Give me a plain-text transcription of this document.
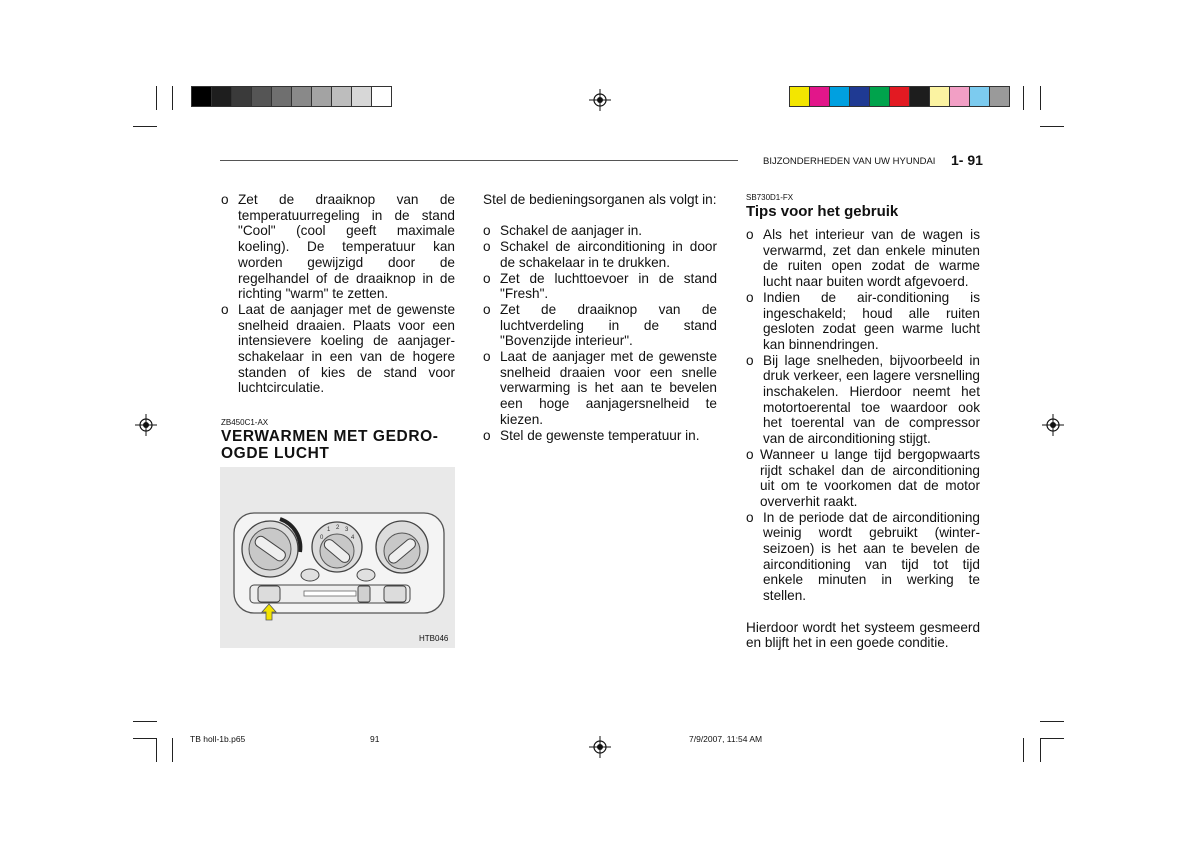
BIJZONDERHEDEN VAN UW HYUNDAI 1- 91
o Zet de draaiknop van de temperatuurregeling in de stand "Cool" (cool geeft maximale koeling). De temperatuur kan worden gewijzigd door de regelhandel of de draaiknop in de richting "warm" te zetten.
o Laat de aanjager met de gewenste snelheid draaien. Plaats voor een intensievere koeling de aanjager-schakelaar in een van de hogere standen of kies de stand voor luchtcirculatie.
ZB450C1-AX
VERWARMEN MET GEDRO-
OGDE LUCHT
0
1 2 3
4
HTB046
Stel de bedieningsorganen als volgt in:
o Schakel de aanjager in.
o Schakel de airconditioning in door de schakelaar in te drukken.
o Zet de luchttoevoer in de stand "Fresh".
o Zet de draaiknop van de luchtverdeling in de stand "Bovenzijde interieur".
o Laat de aanjager met de gewenste snelheid draaien voor een snelle verwarming is het aan te bevelen een hoge aanjagersnelheid te kiezen.
o Stel de gewenste temperatuur in.
SB730D1-FX
Tips voor het gebruik
o Als het interieur van de wagen is verwarmd, zet dan enkele minuten de ruiten open zodat de warme lucht naar buiten wordt afgevoerd.
o Indien de air-conditioning is ingeschakeld; houd alle ruiten gesloten zodat geen warme lucht kan binnendringen.
o Bij lage snelheden, bijvoorbeeld in druk verkeer, een lagere versnelling inschakelen. Hierdoor neemt het motortoerental toe waardoor ook het toerental van de compressor van de airconditioning stijgt.
o Wanneer u lange tijd bergopwaarts rijdt schakel dan de airconditioning uit om te voorkomen dat de motor oververhit raakt.
o In de periode dat de airconditioning weinig wordt gebruikt (winter-seizoen) is het aan te bevelen de airconditioning van tijd tot tijd enkele minuten in werking te stellen.
Hierdoor wordt het systeem gesmeerd en blijft het in een goede conditie.
TB holl-1b.p65	91	7/9/2007, 11:54 AM
